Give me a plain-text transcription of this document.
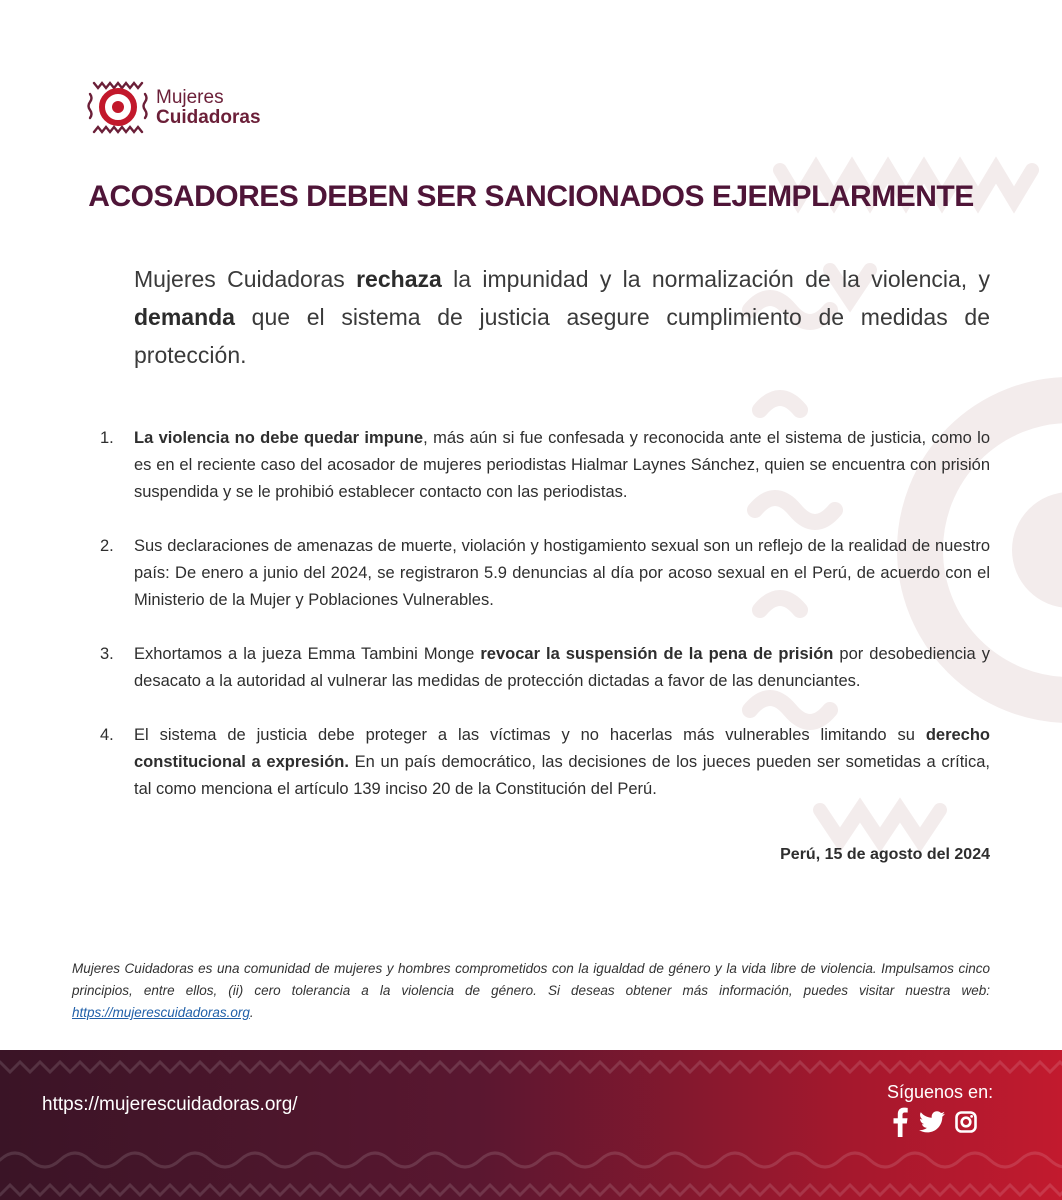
Mujeres
Cuidadoras
ACOSADORES DEBEN SER SANCIONADOS EJEMPLARMENTE
Mujeres Cuidadoras rechaza la impunidad y la normalización de la violencia, y demanda que el sistema de justicia asegure cumplimiento de medidas de protección.
1.	La violencia no debe quedar impune, más aún si fue confesada y reconocida ante el sistema de justicia, como lo es en el reciente caso del acosador de mujeres periodistas Hialmar Laynes Sánchez, quien se encuentra con prisión suspendida y se le prohibió establecer contacto con las periodistas.
2.	Sus declaraciones de amenazas de muerte, violación y hostigamiento sexual son un reflejo de la realidad de nuestro país: De enero a junio del 2024, se registraron 5.9 denuncias al día por acoso sexual en el Perú, de acuerdo con el Ministerio de la Mujer y Poblaciones Vulnerables.
3.	Exhortamos a la jueza Emma Tambini Monge revocar la suspensión de la pena de prisión por desobediencia y desacato a la autoridad al vulnerar las medidas de protección dictadas a favor de las denunciantes.
4.	El sistema de justicia debe proteger a las víctimas y no hacerlas más vulnerables limitando su derecho constitucional a expresión. En un país democrático, las decisiones de los jueces pueden ser sometidas a crítica, tal como menciona el artículo 139 inciso 20 de la Constitución del Perú.
Perú, 15 de agosto del 2024
Mujeres Cuidadoras es una comunidad de mujeres y hombres comprometidos con la igualdad de género y la vida libre de violencia. Impulsamos cinco principios, entre ellos, (ii) cero tolerancia a la violencia de género. Si deseas obtener más información, puedes visitar nuestra web: https://mujerescuidadoras.org.
https://mujerescuidadoras.org/
Síguenos en:
